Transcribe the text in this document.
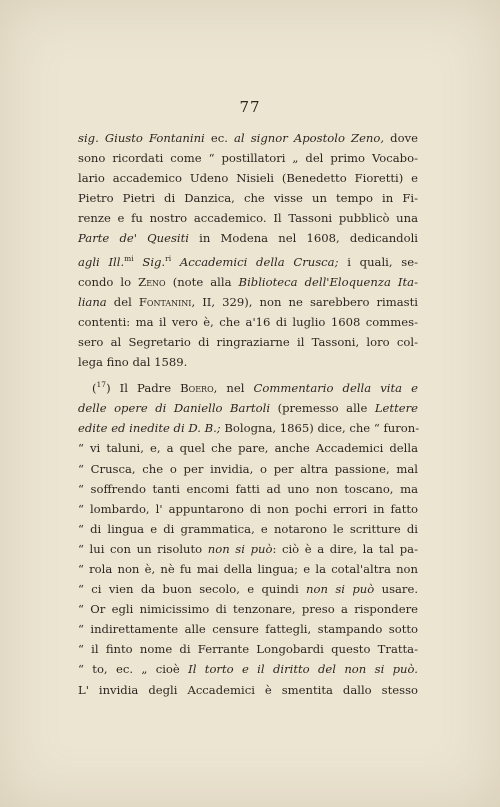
77
sig. Giusto Fontanini ec. al signor Apostolo Zeno, dove
sono ricordati come “ postillatori „ del primo Vocabo-
lario accademico Udeno Nisieli (Benedetto Fioretti) e
Pietro Pietri di Danzica, che visse un tempo in Fi-
renze e fu nostro accademico. Il Tassoni pubblicò una
Parte de' Quesiti in Modena nel 1608, dedicandoli
agli Ill.$^{mi}$ Sig.$^{ri}$ Accademici della Crusca; i quali, se-
condo lo Zeno (note alla Biblioteca dell'Eloquenza Ita-
liana del Fontanini, II, 329), non ne sarebbero rimasti
contenti: ma il vero è, che a'16 di luglio 1608 commes-
sero al Segretario di ringraziarne il Tassoni, loro col-
lega fino dal 1589.
($^{17}$) Il Padre Boero, nel Commentario della vita e
delle opere di Daniello Bartoli (premesso alle Lettere
edite ed inedite di D. B.; Bologna, 1865) dice, che “ furon-
“ vi taluni, e, a quel che pare, anche Accademici della
“ Crusca, che o per invidia, o per altra passione, mal
“ soffrendo tanti encomi fatti ad uno non toscano, ma
“ lombardo, l' appuntarono di non pochi errori in fatto
“ di lingua e di grammatica, e notarono le scritture di
“ lui con un risoluto non si può: ciò è a dire, la tal pa-
“ rola non è, nè fu mai della lingua; e la cotal'altra non
“ ci vien da buon secolo, e quindi non si può usare.
“ Or egli nimicissimo di tenzonare, preso a rispondere
“ indirettamente alle censure fattegli, stampando sotto
“ il finto nome di Ferrante Longobardi questo Tratta-
“ to, ec. „ cioè Il torto e il diritto del non si può.
L' invidia degli Accademici è smentita dallo stesso
